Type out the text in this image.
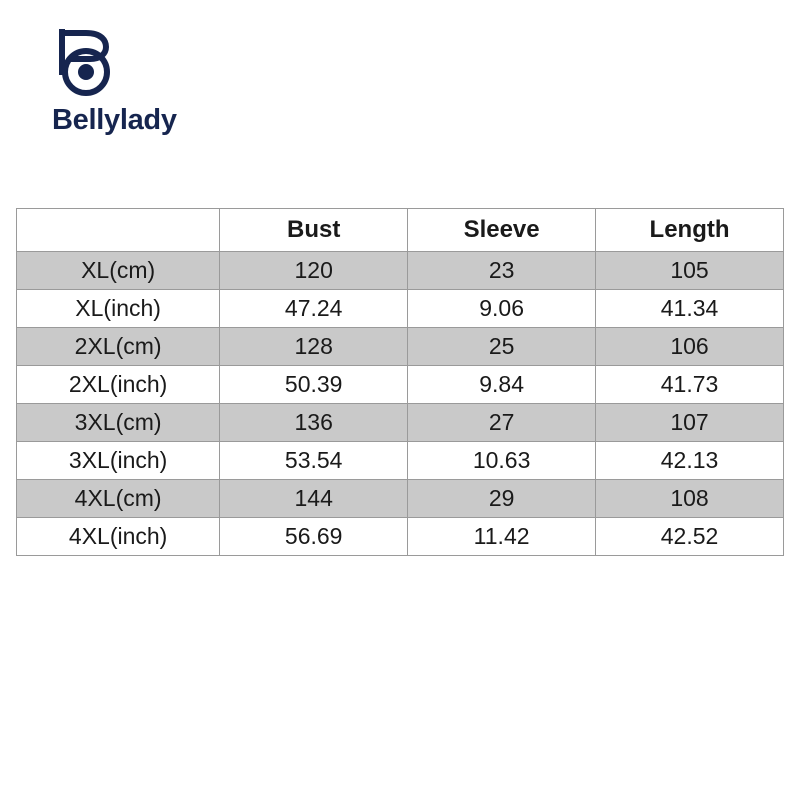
Bellylady
	Bust	Sleeve	Length
XL(cm)	120	23	105
XL(inch)	47.24	9.06	41.34
2XL(cm)	128	25	106
2XL(inch)	50.39	9.84	41.73
3XL(cm)	136	27	107
3XL(inch)	53.54	10.63	42.13
4XL(cm)	144	29	108
4XL(inch)	56.69	11.42	42.52
